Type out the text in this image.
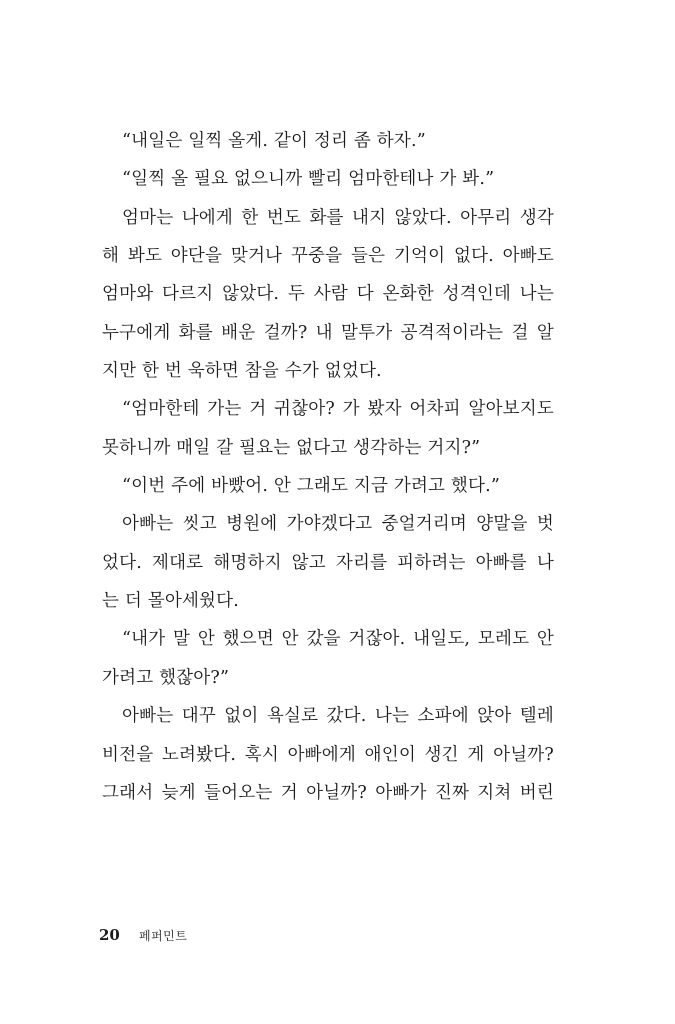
“내일은 일찍 올게. 같이 정리 좀 하자.”
“일찍 올 필요 없으니까 빨리 엄마한테나 가 봐.”
엄마는 나에게 한 번도 화를 내지 않았다. 아무리 생각
해 봐도 야단을 맞거나 꾸중을 들은 기억이 없다. 아빠도
엄마와 다르지 않았다. 두 사람 다 온화한 성격인데 나는
누구에게 화를 배운 걸까? 내 말투가 공격적이라는 걸 알
지만 한 번 욱하면 참을 수가 없었다.
“엄마한테 가는 거 귀찮아? 가 봤자 어차피 알아보지도
못하니까 매일 갈 필요는 없다고 생각하는 거지?”
“이번 주에 바빴어. 안 그래도 지금 가려고 했다.”
아빠는 씻고 병원에 가야겠다고 중얼거리며 양말을 벗
었다. 제대로 해명하지 않고 자리를 피하려는 아빠를 나
는 더 몰아세웠다.
“내가 말 안 했으면 안 갔을 거잖아. 내일도, 모레도 안
가려고 했잖아?”
아빠는 대꾸 없이 욕실로 갔다. 나는 소파에 앉아 텔레
비전을 노려봤다. 혹시 아빠에게 애인이 생긴 게 아닐까?
그래서 늦게 들어오는 거 아닐까? 아빠가 진짜 지쳐 버린
20 페퍼민트
